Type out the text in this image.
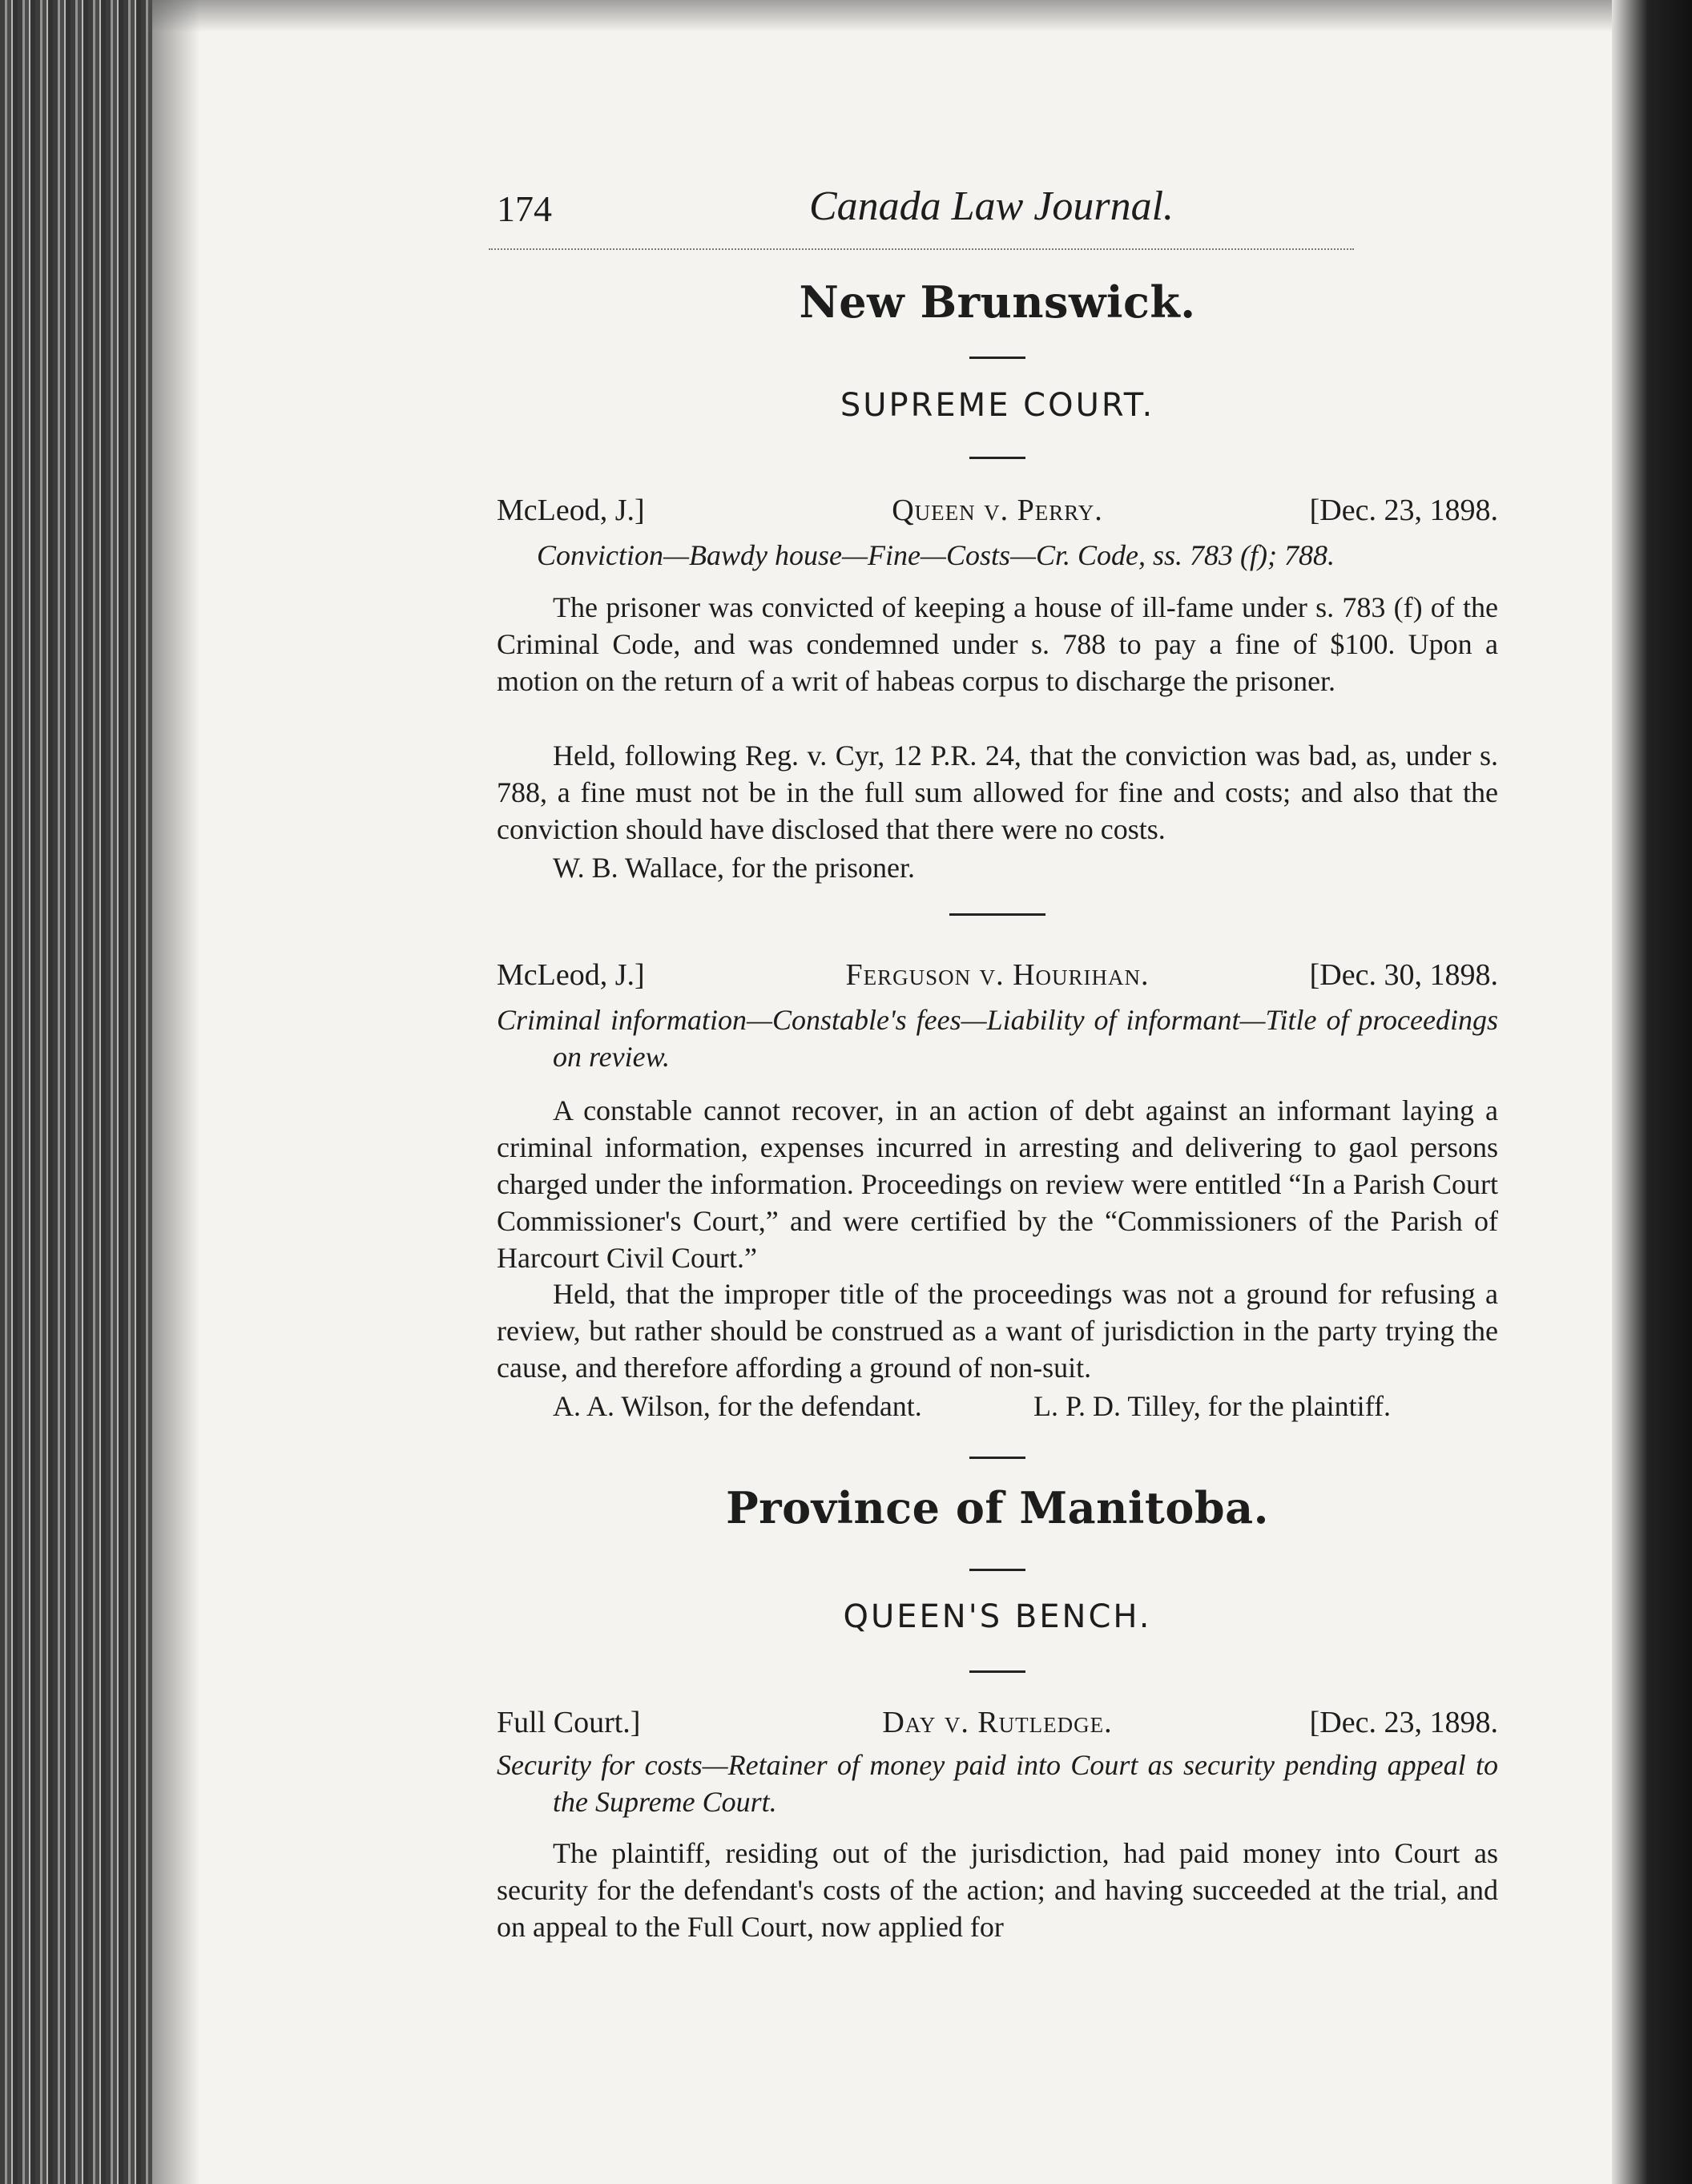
174	Canada Law Journal.
New Brunswick.
SUPREME COURT.
McLeod, J.]	Queen v. Perry.	[Dec. 23, 1898.
Conviction—Bawdy house—Fine—Costs—Cr. Code, ss. 783 (f); 788.
The prisoner was convicted of keeping a house of ill-fame under s. 783 (f) of the Criminal Code, and was condemned under s. 788 to pay a fine of $100. Upon a motion on the return of a writ of habeas corpus to discharge the prisoner.
Held, following Reg. v. Cyr, 12 P.R. 24, that the conviction was bad, as, under s. 788, a fine must not be in the full sum allowed for fine and costs; and also that the conviction should have disclosed that there were no costs.
W. B. Wallace, for the prisoner.
McLeod, J.]	Ferguson v. Hourihan.	[Dec. 30, 1898.
Criminal information—Constable's fees—Liability of informant—Title of proceedings on review.
A constable cannot recover, in an action of debt against an informant laying a criminal information, expenses incurred in arresting and delivering to gaol persons charged under the information. Proceedings on review were entitled “In a Parish Court Commissioner's Court,” and were certified by the “Commissioners of the Parish of Harcourt Civil Court.”
Held, that the improper title of the proceedings was not a ground for refusing a review, but rather should be construed as a want of jurisdiction in the party trying the cause, and therefore affording a ground of non-suit.
A. A. Wilson, for the defendant.	L. P. D. Tilley, for the plaintiff.
Province of Manitoba.
QUEEN'S BENCH.
Full Court.]	Day v. Rutledge.	[Dec. 23, 1898.
Security for costs—Retainer of money paid into Court as security pending appeal to the Supreme Court.
The plaintiff, residing out of the jurisdiction, had paid money into Court as security for the defendant's costs of the action; and having succeeded at the trial, and on appeal to the Full Court, now applied for
